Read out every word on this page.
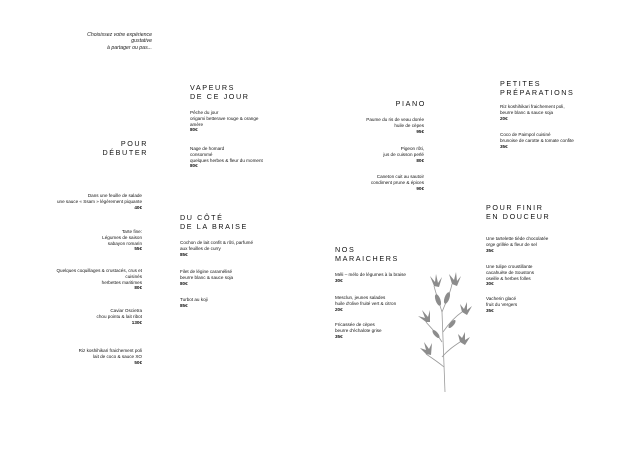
Choisissez votre expérience
gustative
à partager ou pas...
POUR
DÉBUTER
Dans une feuille de salade
une sauce « Ssam » légèrement piquante
40€
Tarte fine:
Légumes de saison
sabayon romarin
55€
Quelques coquillages & crustacés, crus et
cuisinés
herbettes maritimes
80€
Caviar Oscietra
chou pointu & lait ribot
130€
Riz koshihikari fraichement poli
lait de coco & sauce XO
50€
VAPEURS
DE CE JOUR
Pêche du jour
origami betterave rouge & orange
amère
80€
Nage de homard
consommé
quelques herbes & fleur du moment
80€
DU CÔTÉ
DE LA BRAISE
Cochon de lait confit & rôti, parfumé
aux feuilles de curry
85€
Filet de légine caramélisé
beurre blanc & sauce soja
80€
Turbot au koji
85€
PIANO
Paume du ris de veau dorée
huile de cèpes
95€
Pigeon rôti,
jus de cuisson perlé
80€
Caneton cuit au sautoir
condiment prune & épices
90€
NOS
MARAICHERS
Méli – mélo de légumes à la braise
30€
Mesclun, jeunes salades
huile d'olive fruité vert & citron
20€
Fricassée de cèpes
beurre d'échalote grise
35€
PETITES
PRÉPARATIONS
Riz koshihikari fraichement poli,
beurre blanc & sauce soja
20€
Coco de Paimpol cuisiné
brunoise de carotte & tomate confite
35€
POUR FINIR
EN DOUCEUR
Une tartelette tiède chocolatée
orge grillée & fleur de sel
35€
Une tulipe croustillante
cacahuète de Soustons
oseille & herbes folles
30€
Vacherin glacé
fruit du Vergers
35€
